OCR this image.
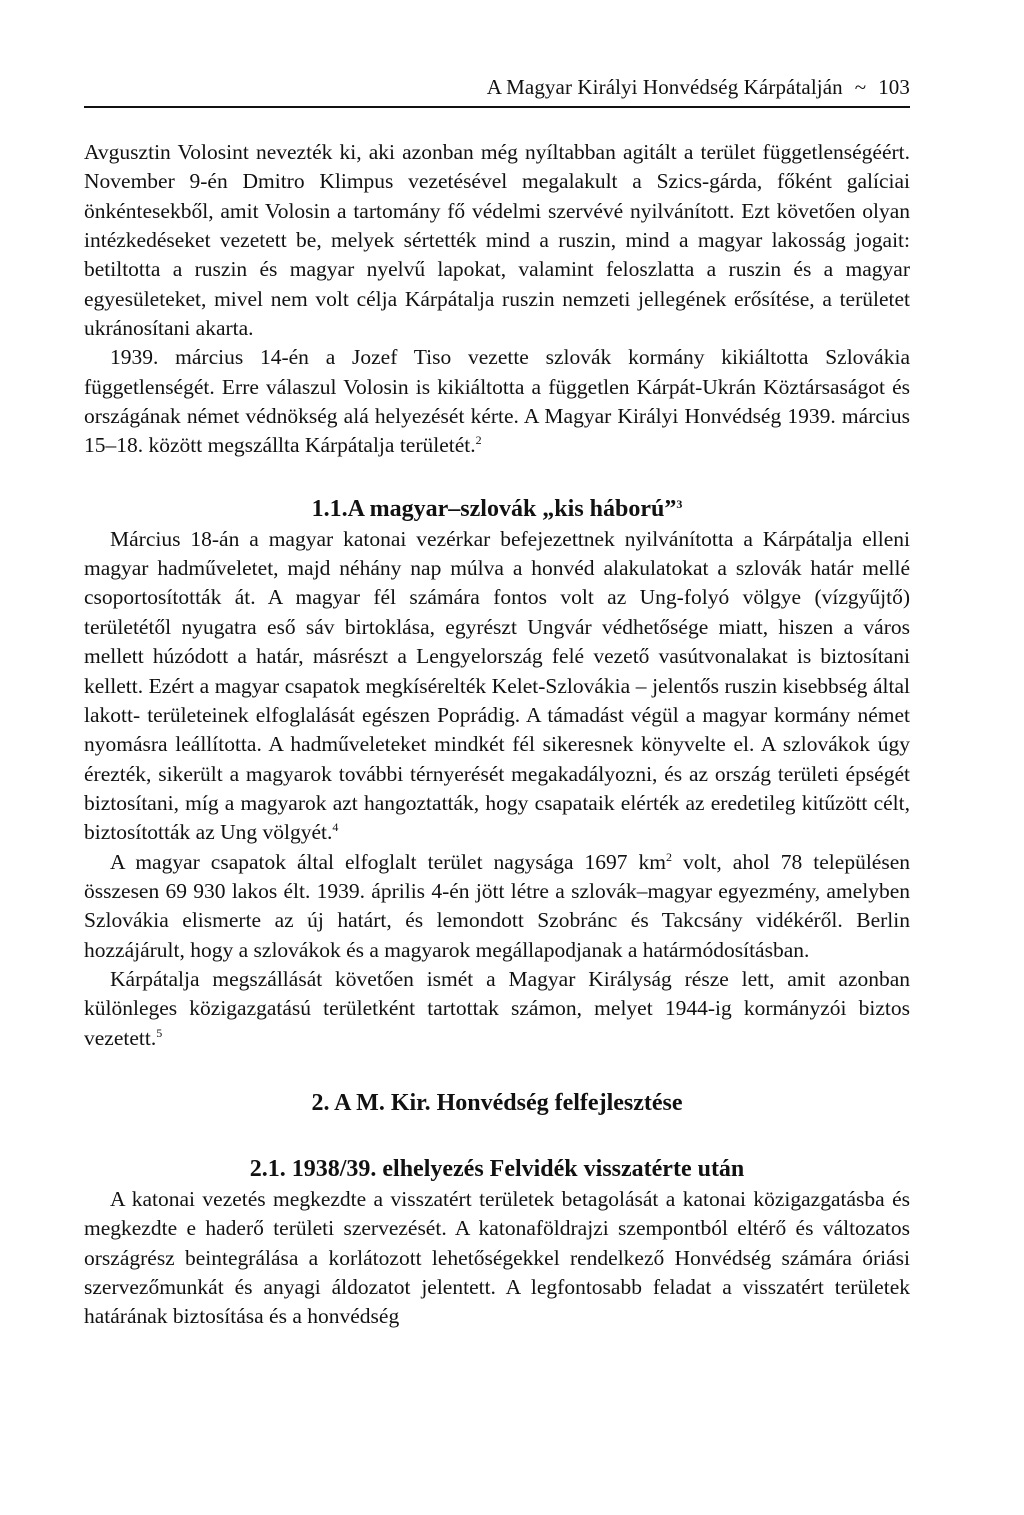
A Magyar Királyi Honvédség Kárpátalján ~ 103

Avgusztin Volosint nevezték ki, aki azonban még nyíltabban agitált a terület függetlenségéért. November 9-én Dmitro Klimpus vezetésével megalakult a Szics-gárda, főként galíciai önkéntesekből, amit Volosin a tartomány fő védelmi szervévé nyilvánított. Ezt követően olyan intézkedéseket vezetett be, melyek sértették mind a ruszin, mind a magyar lakosság jogait: betiltotta a ruszin és magyar nyelvű lapokat, valamint feloszlatta a ruszin és a magyar egyesületeket, mivel nem volt célja Kárpátalja ruszin nemzeti jellegének erősítése, a területet ukránosítani akarta.

1939. március 14-én a Jozef Tiso vezette szlovák kormány kikiáltotta Szlovákia függetlenségét. Erre válaszul Volosin is kikiáltotta a független Kárpát-Ukrán Köztársaságot és országának német védnökség alá helyezését kérte. A Magyar Királyi Honvédség 1939. március 15–18. között megszállta Kárpátalja területét.$^2$

1.1.A magyar–szlovák „kis háború”$^3$

Március 18-án a magyar katonai vezérkar befejezettnek nyilvánította a Kárpátalja elleni magyar hadműveletet, majd néhány nap múlva a honvéd alakulatokat a szlovák határ mellé csoportosították át. A magyar fél számára fontos volt az Ung-folyó völgye (vízgyűjtő) területétől nyugatra eső sáv birtoklása, egyrészt Ungvár védhetősége miatt, hiszen a város mellett húzódott a határ, másrészt a Lengyelország felé vezető vasútvonalakat is biztosítani kellett. Ezért a magyar csapatok megkísérelték Kelet-Szlovákia – jelentős ruszin kisebbség által lakott- területeinek elfoglalását egészen Poprádig. A támadást végül a magyar kormány német nyomásra leállította. A hadműveleteket mindkét fél sikeresnek könyvelte el. A szlovákok úgy érezték, sikerült a magyarok további térnyerését megakadályozni, és az ország területi épségét biztosítani, míg a magyarok azt hangoztatták, hogy csapataik elérték az eredetileg kitűzött célt, biztosították az Ung völgyét.$^4$

A magyar csapatok által elfoglalt terület nagysága 1697 $km^2$ volt, ahol 78 településen összesen 69 930 lakos élt. 1939. április 4-én jött létre a szlovák–magyar egyezmény, amelyben Szlovákia elismerte az új határt, és lemondott Szobránc és Takcsány vidékéről. Berlin hozzájárult, hogy a szlovákok és a magyarok megállapodjanak a határmódosításban.

Kárpátalja megszállását követően ismét a Magyar Királyság része lett, amit azonban különleges közigazgatású területként tartottak számon, melyet 1944-ig kormányzói biztos vezetett.$^5$

2. A M. Kir. Honvédség felfejlesztése
2.1. 1938/39. elhelyezés Felvidék visszatérte után

A katonai vezetés megkezdte a visszatért területek betagolását a katonai közigazgatásba és megkezdte e haderő területi szervezését. A katonaföldrajzi szempontból eltérő és változatos országrész beintegrálása a korlátozott lehetőségekkel rendelkező Honvédség számára óriási szervezőmunkát és anyagi áldozatot jelentett. A legfontosabb feladat a visszatért területek határának biztosítása és a honvédség
